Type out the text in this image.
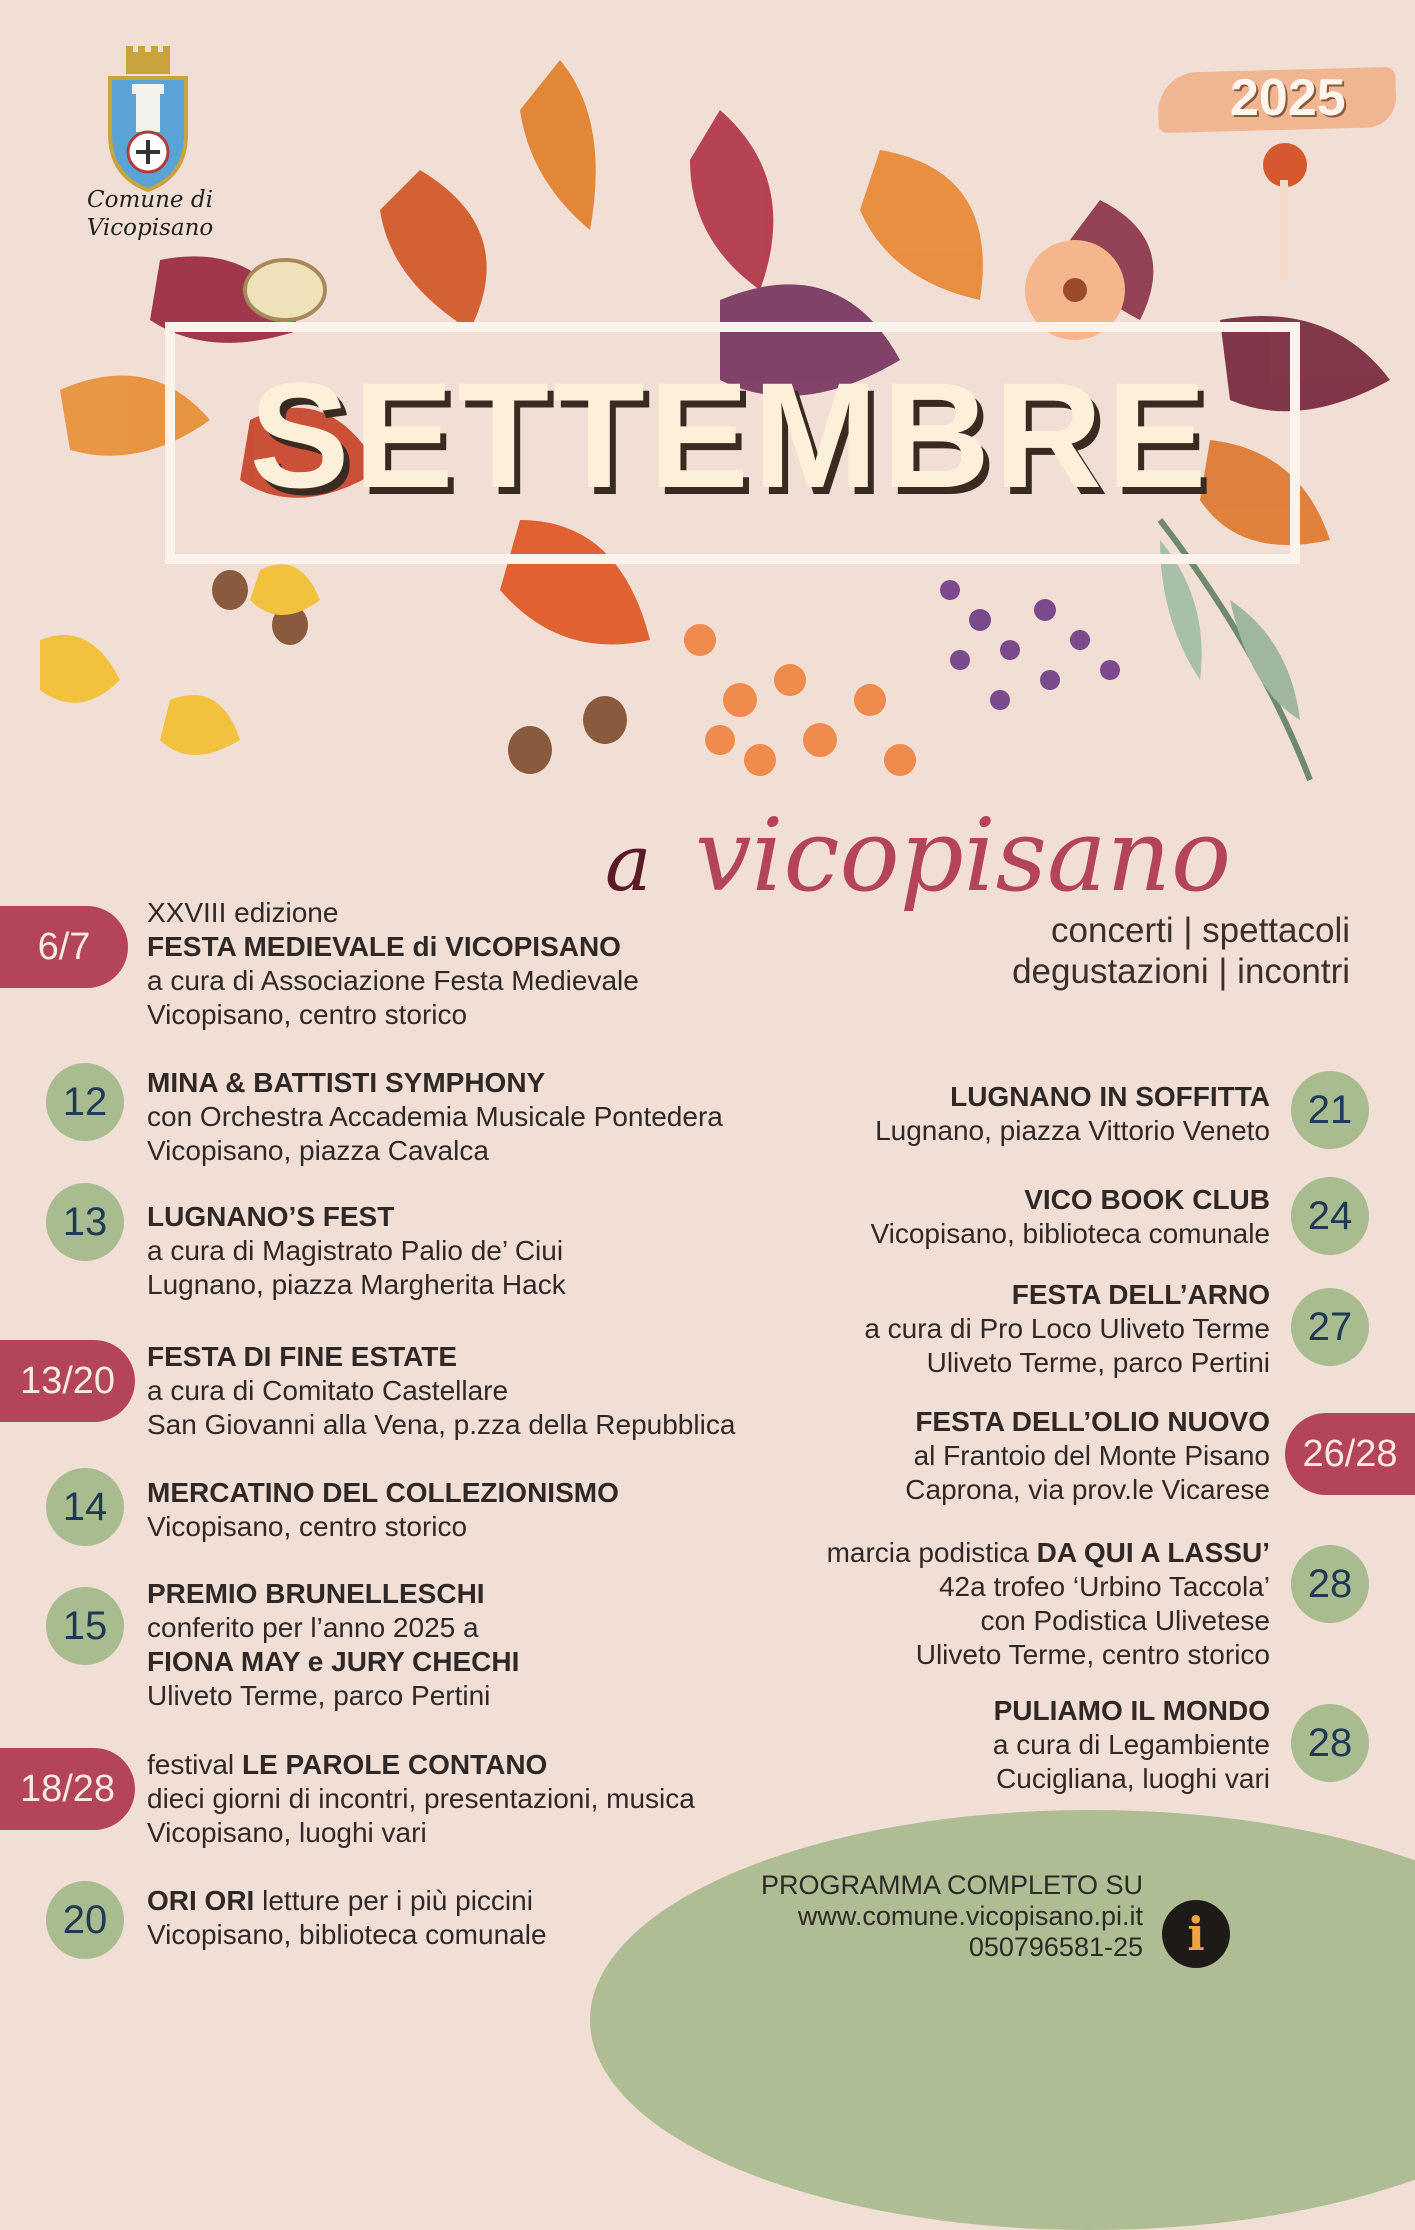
2025
Comune di
Vicopisano
SETTEMBRE
a vicopisano
concerti | spettacoli
degustazioni | incontri
6/7
XXVIII edizione
FESTA MEDIEVALE di VICOPISANO
a cura di Associazione Festa Medievale
Vicopisano, centro storico
12	MINA & BATTISTI SYMPHONY
con Orchestra Accademia Musicale Pontedera
Vicopisano, piazza Cavalca
13	LUGNANO’S FEST
a cura di Magistrato Palio de’ Ciui
Lugnano, piazza Margherita Hack
13/20
FESTA DI FINE ESTATE
a cura di Comitato Castellare
San Giovanni alla Vena, p.zza della Repubblica
14	MERCATINO DEL COLLEZIONISMO
Vicopisano, centro storico
15
PREMIO BRUNELLESCHI
conferito per l’anno 2025 a
FIONA MAY e JURY CHECHI
Uliveto Terme, parco Pertini
18/28
festival LE PAROLE CONTANO
dieci giorni di incontri, presentazioni, musica
Vicopisano, luoghi vari
20	ORI ORI letture per i più piccini
Vicopisano, biblioteca comunale
21
LUGNANO IN SOFFITTA
Lugnano, piazza Vittorio Veneto
24
VICO BOOK CLUB
Vicopisano, biblioteca comunale
27
FESTA DELL’ARNO
a cura di Pro Loco Uliveto Terme
Uliveto Terme, parco Pertini
26/28
FESTA DELL’OLIO NUOVO
al Frantoio del Monte Pisano
Caprona, via prov.le Vicarese
28
marcia podistica DA QUI A LASSU’
42a trofeo ‘Urbino Taccola’
con Podistica Ulivetese
Uliveto Terme, centro storico
28
PULIAMO IL MONDO
a cura di Legambiente
Cucigliana, luoghi vari
PROGRAMMA COMPLETO SU
www.comune.vicopisano.pi.it
050796581-25 i
